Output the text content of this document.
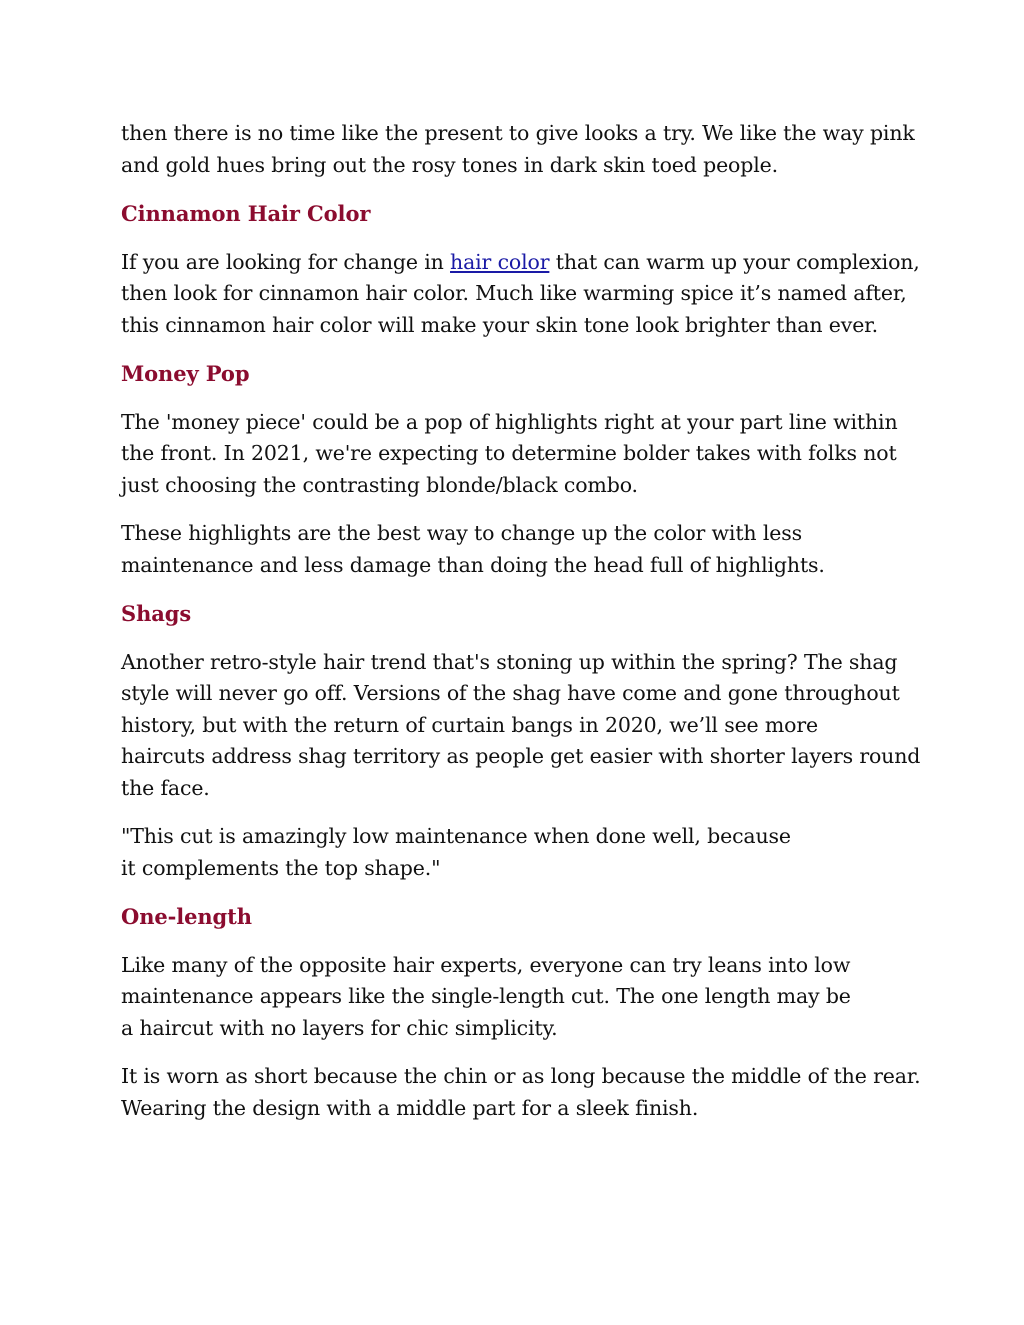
then there is no time like the present to give looks a try. We like the way pink
and gold hues bring out the rosy tones in dark skin toed people.

Cinnamon Hair Color

If you are looking for change in hair color that can warm up your complexion,
then look for cinnamon hair color. Much like warming spice it’s named after,
this cinnamon hair color will make your skin tone look brighter than ever.

Money Pop

The 'money piece' could be a pop of highlights right at your part line within
the front. In 2021, we're expecting to determine bolder takes with folks not
just choosing the contrasting blonde/black combo.

These highlights are the best way to change up the color with less
maintenance and less damage than doing the head full of highlights.

Shags

Another retro-style hair trend that's stoning up within the spring? The shag
style will never go off. Versions of the shag have come and gone throughout
history, but with the return of curtain bangs in 2020, we’ll see more
haircuts address shag territory as people get easier with shorter layers round
the face.

"This cut is amazingly low maintenance when done well, because
it complements the top shape."

One-length

Like many of the opposite hair experts, everyone can try leans into low
maintenance appears like the single-length cut. The one length may be
a haircut with no layers for chic simplicity.

It is worn as short because the chin or as long because the middle of the rear.
Wearing the design with a middle part for a sleek finish.
